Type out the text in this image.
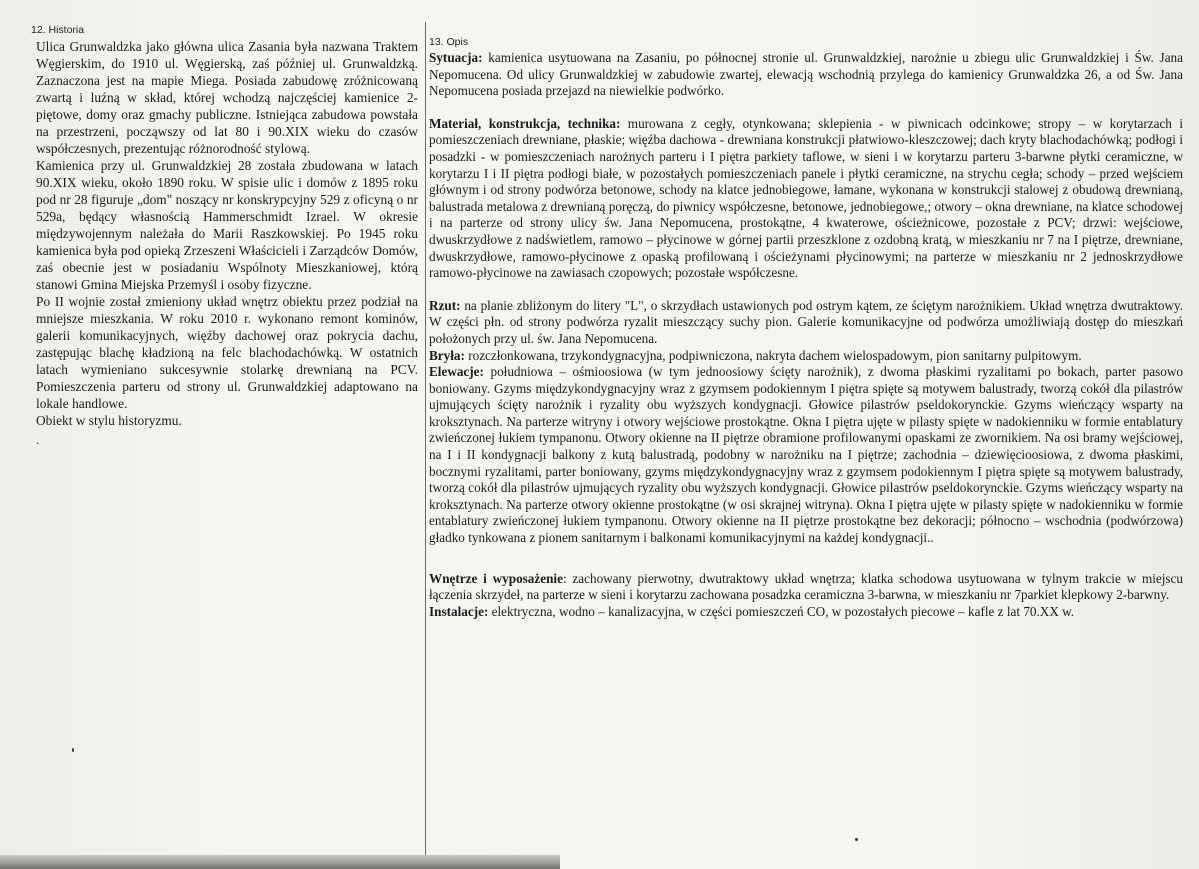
12. Historia

Ulica Grunwaldzka jako główna ulica Zasania była nazwana Traktem Węgierskim, do 1910 ul. Węgierską, zaś później ul. Grunwaldzką. Zaznaczona jest na mapie Miega. Posiada zabudowę zróżnicowaną zwartą i luźną w skład, której wchodzą najczęściej kamienice 2-piętowe, domy oraz gmachy publiczne. Istniejąca zabudowa powstała na przestrzeni, począwszy od lat 80 i 90.XIX wieku do czasów współczesnych, prezentując różnorodność stylową.

Kamienica przy ul. Grunwaldzkiej 28 została zbudowana w latach 90.XIX wieku, około 1890 roku. W spisie ulic i domów z 1895 roku pod nr 28 figuruje „dom" noszący nr konskrypcyjny 529 z oficyną o nr 529a, będący własnością Hammerschmidt Izrael. W okresie międzywojennym należała do Marii Raszkowskiej. Po 1945 roku kamienica była pod opieką Zrzeszeni Właścicieli i Zarządców Domów, zaś obecnie jest w posiadaniu Wspólnoty Mieszkaniowej, którą stanowi Gmina Miejska Przemyśl i osoby fizyczne.

Po II wojnie został zmieniony układ wnętrz obiektu przez podział na mniejsze mieszkania. W roku 2010 r. wykonano remont kominów, galerii komunikacyjnych, więźby dachowej oraz pokrycia dachu, zastępując blachę kładzioną na felc blachodachówką. W ostatnich latach wymieniano sukcesywnie stolarkę drewnianą na PCV. Pomieszczenia parteru od strony ul. Grunwaldzkiej adaptowano na lokale handlowe.

Obiekt w stylu historyzmu.

.

13. Opis

Sytuacja: kamienica usytuowana na Zasaniu, po północnej stronie ul. Grunwaldzkiej, narożnie u zbiegu ulic Grunwaldzkiej i Św. Jana Nepomucena. Od ulicy Grunwaldzkiej w zabudowie zwartej, elewacją wschodnią przylega do kamienicy Grunwaldzka 26, a od Św. Jana Nepomucena posiada przejazd na niewielkie podwórko.

Materiał, konstrukcja, technika: murowana z cegły, otynkowana; sklepienia - w piwnicach odcinkowe; stropy – w korytarzach i pomieszczeniach drewniane, płaskie; więźba dachowa - drewniana konstrukcji płatwiowo-kleszczowej; dach kryty blachodachówką; podłogi i posadzki - w pomieszczeniach narożnych parteru i I piętra parkiety taflowe, w sieni i w korytarzu parteru 3-barwne płytki ceramiczne, w korytarzu I i II piętra podłogi białe, w pozostałych pomieszczeniach panele i płytki ceramiczne, na strychu cegła; schody – przed wejściem głównym i od strony podwórza betonowe, schody na klatce jednobiegowe, łamane, wykonana w konstrukcji stalowej z obudową drewnianą, balustrada metalowa z drewnianą poręczą, do piwnicy współczesne, betonowe, jednobiegowe,; otwory – okna drewniane, na klatce schodowej i na parterze od strony ulicy św. Jana Nepomucena, prostokątne, 4 kwaterowe, ościeżnicowe, pozostałe z PCV; drzwi: wejściowe, dwuskrzydłowe z nadświetlem, ramowo – płycinowe w górnej partii przeszklone z ozdobną kratą, w mieszkaniu nr 7 na I piętrze, drewniane, dwuskrzydłowe, ramowo-płycinowe z opaską profilowaną i ościeżynami płycinowymi; na parterze w mieszkaniu nr 2 jednoskrzydłowe ramowo-płycinowe na zawiasach czopowych; pozostałe współczesne.

Rzut: na planie zbliżonym do litery "L", o skrzydłach ustawionych pod ostrym kątem, ze ściętym narożnikiem. Układ wnętrza dwutraktowy. W części płn. od strony podwórza ryzalit mieszczący suchy pion. Galerie komunikacyjne od podwórza umożliwiają dostęp do mieszkań położonych przy ul. św. Jana Nepomucena.

Bryła: rozczłonkowana, trzykondygnacyjna, podpiwniczona, nakryta dachem wielospadowym, pion sanitarny pulpitowym.

Elewacje: południowa – ośmioosiowa (w tym jednoosiowy ścięty narożnik), z dwoma płaskimi ryzalitami po bokach, parter pasowo boniowany. Gzyms międzykondygnacyjny wraz z gzymsem podokiennym I piętra spięte są motywem balustrady, tworzą cokół dla pilastrów ujmujących ścięty narożnik i ryzality obu wyższych kondygnacji. Głowice pilastrów pseldokorynckie. Gzyms wieńczący wsparty na kroksztynach. Na parterze witryny i otwory wejściowe prostokątne. Okna I piętra ujęte w pilasty spięte w nadokienniku w formie entablatury zwieńczonej łukiem tympanonu. Otwory okienne na II piętrze obramione profilowanymi opaskami ze zwornikiem. Na osi bramy wejściowej, na I i II kondygnacji balkony z kutą balustradą, podobny w narożniku na I piętrze; zachodnia – dziewięcioosiowa, z dwoma płaskimi, bocznymi ryzalitami, parter boniowany, gzyms międzykondygnacyjny wraz z gzymsem podokiennym I piętra spięte są motywem balustrady, tworzą cokół dla pilastrów ujmujących ryzality obu wyższych kondygnacji. Głowice pilastrów pseldokorynckie. Gzyms wieńczący wsparty na kroksztynach. Na parterze otwory okienne prostokątne (w osi skrajnej witryna). Okna I piętra ujęte w pilasty spięte w nadokienniku w formie entablatury zwieńczonej łukiem tympanonu. Otwory okienne na II piętrze prostokątne bez dekoracji; północno – wschodnia (podwórzowa) gładko tynkowana z pionem sanitarnym i balkonami komunikacyjnymi na każdej kondygnacji..

Wnętrze i wyposażenie: zachowany pierwotny, dwutraktowy układ wnętrza; klatka schodowa usytuowana w tylnym trakcie w miejscu łączenia skrzydeł, na parterze w sieni i korytarzu zachowana posadzka ceramiczna 3-barwna, w mieszkaniu nr 7parkiet klepkowy 2-barwny.

Instalacje: elektryczna, wodno – kanalizacyjna, w części pomieszczeń CO, w pozostałych piecowe – kafle z lat 70.XX w.
